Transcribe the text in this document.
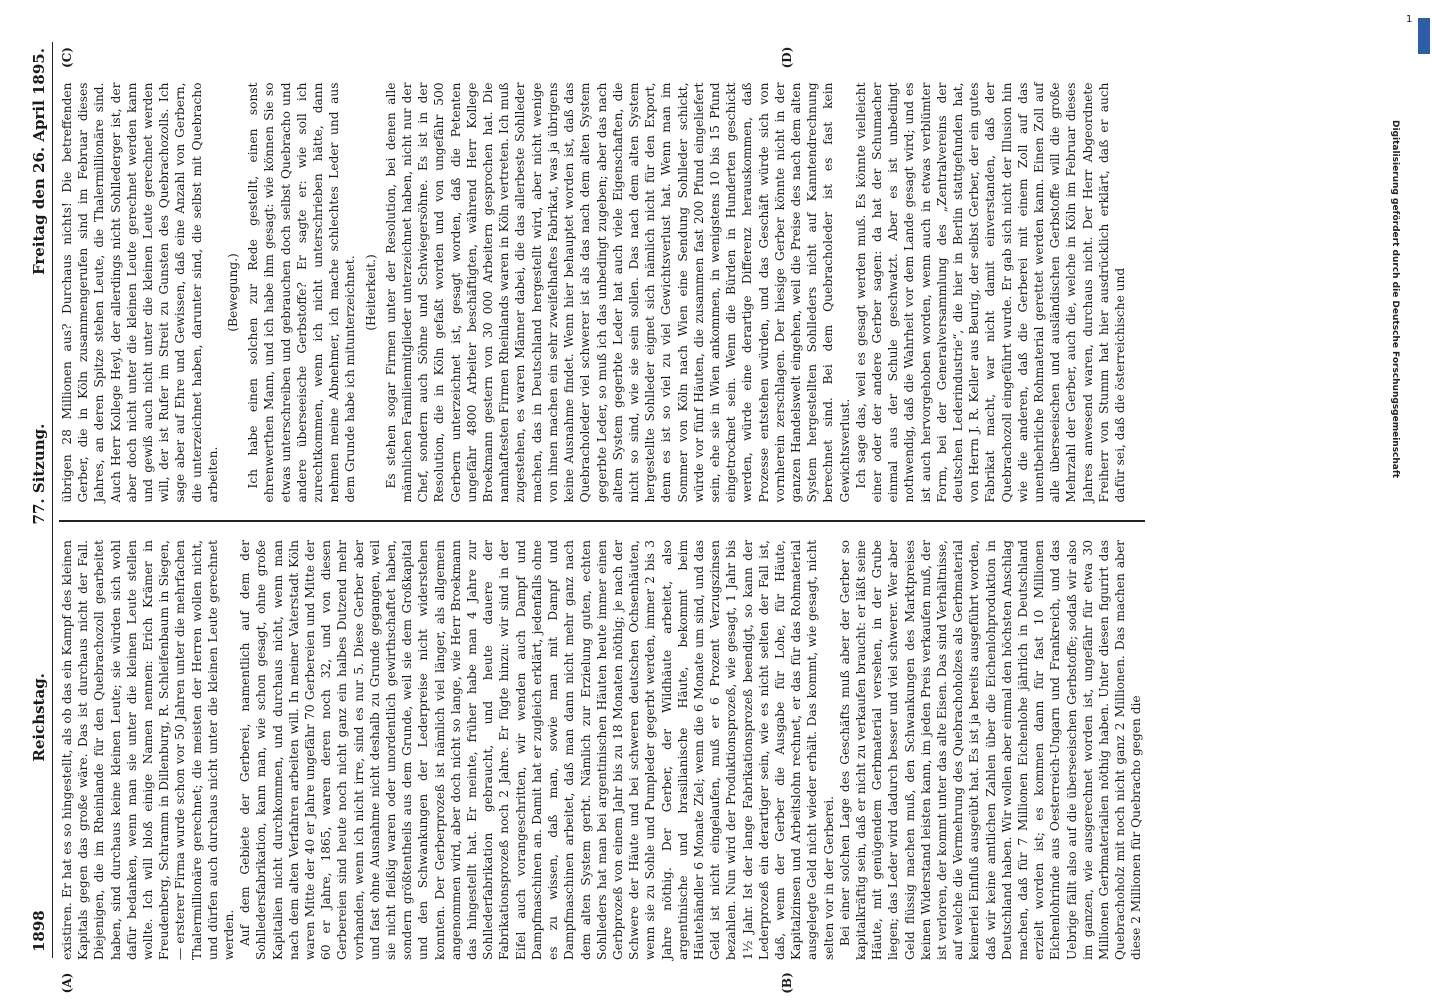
1898
Reichstag.
77. Sitzung.
Freitag den 26. April 1895.
(A)	(B)

existiren. Er hat es so hingestellt, als ob das ein Kampf des kleinen Kapitals gegen das große wäre. Das ist durchaus nicht der Fall. Diejenigen, die im Rheinlande für den Quebrachozoll gearbeitet haben, sind durchaus keine kleinen Leute; sie würden sich wohl dafür bedanken, wenn man sie unter die kleinen Leute stellen wollte. Ich will bloß einige Namen nennen: Erich Krämer in Freudenberg, Schramm in Dillenburg, R. Schleifenbaum in Siegen, — ersterer Firma wurde schon vor 50 Jahren unter die mehrfachen Thalermillionäre gerechnet; die meisten der Herren wollen nicht, und dürfen auch durchaus nicht unter die kleinen Leute gerechnet werden. Auf dem Gebiete der Gerberei, namentlich auf dem der Sohlledersfabrikation, kann man, wie schon gesagt, ohne große Kapitalien nicht durchkommen, und durchaus nicht, wenn man nach dem alten Verfahren arbeiten will. In meiner Vaterstadt Köln waren Mitte der 40 er Jahre ungefähr 70 Gerbereien und Mitte der 60 er Jahre, 1865, waren deren noch 32, und von diesen Gerbereien sind heute noch nicht ganz ein halbes Dutzend mehr vorhanden, wenn ich nicht irre, sind es nur 5. Diese Gerber aber und fast ohne Ausnahme nicht deshalb zu Grunde gegangen, weil sie nicht fleißig waren oder unordentlich gewirthschaftet haben, sondern größtentheils aus dem Grunde, weil sie dem Großkapital und den Schwankungen der Lederpreise nicht widerstehen konnten. Der Gerberprozeß ist nämlich viel länger, als allgemein angenommen wird, aber doch nicht so lange, wie Herr Broekmann das hingestellt hat. Er meinte, früher habe man 4 Jahre zur Sohllederfabrikation gebraucht, und heute dauere der Fabrikationsprozeß noch 2 Jahre. Er fügte hinzu: wir sind in der Eifel auch vorangeschritten, wir wenden auch Dampf und Dampfmaschinen an. Damit hat er zugleich erklärt, jedenfalls ohne es zu wissen, daß man, sowie man mit Dampf und Dampfmaschinen arbeitet, daß man dann nicht mehr ganz nach dem alten System gerbt. Nämlich zur Erzielung guten, echten Sohlleders hat man bei argentinischen Häuten heute immer einen Gerbprozeß von einem Jahr bis zu 18 Monaten nöthig; je nach der Schwere der Häute und bei schweren deutschen Ochsenhäuten, wenn sie zu Sohle und Pumpleder gegerbt werden, immer 2 bis 3 Jahre nöthig. Der Gerber, der Wildhäute arbeitet, also argentinische und brasilianische Häute, bekommt beim Häutehändler 6 Monate Ziel; wenn die 6 Monate um sind, und das Geld ist nicht eingelaufen, muß er 6 Prozent Verzugszinsen bezahlen. Nun wird der Produktionsprozeß, wie gesagt, 1 Jahr bis 1½ Jahr. Ist der lange Fabrikationsprozeß beendigt, so kann der Lederprozeß ein derartiger sein, wie es nicht selten der Fall ist, daß, wenn der Gerber die Ausgabe für Lohe, für Häute, Kapitalzinsen und Arbeitslohn rechnet, er das für das Rohmaterial ausgelegte Geld nicht wieder erhält. Das kommt, wie gesagt, nicht selten vor in der Gerberei. Bei einer solchen Lage des Geschäfts muß aber der Gerber so kapitalkräftig sein, daß er nicht zu verkaufen braucht: er läßt seine Häute, mit genügendem Gerbmaterial versehen, in der Grube liegen; das Leder wird dadurch besser und viel schwerer. Wer aber Geld flüssig machen muß, den Schwankungen des Marktpreises keinen Widerstand leisten kann, im jeden Preis verkaufen muß, der ist verloren, der kommt unter das alte Eisen. Das sind Verhältnisse, auf welche die Vermehrung des Quebrachoholzes als Gerbmaterial keinerlei Einfluß ausgeübt hat. Es ist ja bereits ausgeführt worden, daß wir keine amtlichen Zahlen über die Eichenlohproduktion in Deutschland haben. Wir wollen aber einmal den höchsten Anschlag machen, daß für 7 Millionen Eichenlohe jährlich in Deutschland erzielt worden ist; es kommen dann für fast 10 Millionen Eichenlohrinde aus Oesterreich-Ungarn und Frankreich, und das Uebrige fällt also auf die überseeischen Gerbstoffe; sodaß wir also im ganzen, wie ausgerechnet worden ist, ungefähr für etwa 30 Millionen Gerbmaterialien nöthig haben. Unter diesen figurirt das Quebrachoholz mit noch nicht ganz 2 Millionen. Das machen aber diese 2 Millionen für Quebracho gegen die

(C)	(D)

übrigen 28 Millionen aus? Durchaus nichts! Die betreffenden Gerber, die in Köln zusammengerufen sind im Februar dieses Jahres, an deren Spitze stehen Leute, die Thalermillionäre sind. Auch Herr Kollege Heyl, der allerdings nicht Sohllederger ist, der aber doch nicht unter die kleinen Leute gerechnet werden kann und gewiß auch nicht unter die kleinen Leute gerechnet werden will, der ist Rufer im Streit zu Gunsten des Quebrachozolls. Ich sage aber auf Ehre und Gewissen, daß eine Anzahl von Gerbern, die unterzeichnet haben, darunter sind, die selbst mit Quebracho arbeiten.

(Bewegung.) Ich habe einen solchen zur Rede gestellt, einen sonst ehrenwerthen Mann, und ich habe ihm gesagt: wie können Sie so etwas unterschreiben und gebrauchen doch selbst Quebracho und andere überseeische Gerbstoffe? Er sagte er: wie soll ich zurechtkommen, wenn ich nicht unterschrieben hätte, dann nehmen meine Abnehmer, ich mache schlechtes Leder und aus dem Grunde habe ich mitunterzeichnet. (Heiterkeit.) Es stehen sogar Firmen unter der Resolution, bei denen alle männlichen Familienmitglieder unterzeichnet haben, nicht nur der Chef, sondern auch Söhne und Schwiegersöhne. Es ist in der Resolution, die in Köln gefaßt worden und von ungefähr 500 Gerbern unterzeichnet ist, gesagt worden, daß die Petenten ungefähr 4800 Arbeiter beschäftigten, während Herr Kollege Broekmann gestern von 30 000 Arbeitern gesprochen hat. Die namhaftesten Firmen Rheinlands waren in Köln vertreten. Ich muß zugestehen, es waren Männer dabei, die das allerbeste Sohlleder machen, das in Deutschland hergestellt wird, aber nicht wenige von ihnen machen ein sehr zweifelhaftes Fabrikat, was ja übrigens keine Ausnahme findet. Wenn hier behauptet worden ist, daß das Quebracholeder viel schwerer ist als das nach dem alten System gegerbte Leder, so muß ich das unbedingt zugeben; aber das nach altem System gegerbte Leder hat auch viele Eigenschaften, die nicht so sind, wie sie sein sollen. Das nach dem alten System hergestellte Sohlleder eignet sich nämlich nicht für den Export, denn es ist so viel zu viel Gewichtsverlust hat. Wenn man im Sommer von Köln nach Wien eine Sendung Sohlleder schickt, würde vor fünf Häuten, die zusammen fast 200 Pfund eingeliefert sein, ehe sie in Wien ankommen, in wenigstens 10 bis 15 Pfund eingetrocknet sein. Wenn die Bürden in Hunderten geschickt werden, würde eine derartige Differenz herauskommen, daß Prozesse entstehen würden, und das Geschäft würde sich von vornherein zerschlagen. Der hiesige Gerber könnte nicht in der ganzen Handelswelt eingehen, weil die Preise des nach dem alten System hergestellten Sohlleders nicht auf Kanntendrechnung berechnet sind. Bei dem Quebracholeder ist es fast kein Gewichtsverlust. Ich sage das, weil es gesagt werden muß. Es könnte vielleicht einer oder der andere Gerber sagen: da hat der Schumacher einmal aus der Schule geschwatzt. Aber es ist unbedingt nothwendig, daß die Wahrheit vor dem Lande gesagt wird; und es ist auch hervorgehoben worden, wenn auch in etwas verblümter Form, bei der Generalversammlung des „Zentralvereins der deutschen Lederindustrie“, die hier in Berlin stattgefunden hat, von Herrn J. R. Keller aus Beurig, der selbst Gerber, der ein gutes Fabrikat macht, war nicht damit einverstanden, daß der Quebrachozoll eingeführt wurde. Er gab sich nicht der Illusion hin wie die anderen, daß die Gerberei mit einem Zoll auf das unentbehrliche Rohmaterial gerettet werden kann. Einen Zoll auf alle überseeischen und ausländischen Gerbstoffe will die große Mehrzahl der Gerber, auch die, welche in Köln im Februar dieses Jahres anwesend waren, durchaus nicht. Der Herr Abgeordnete Freiherr von Stumm hat hier ausdrücklich erklärt, daß er auch dafür sei, daß die österreichische und

1
Digitalisierung gefördert durch die Deutsche Forschungsgemeinschaft
